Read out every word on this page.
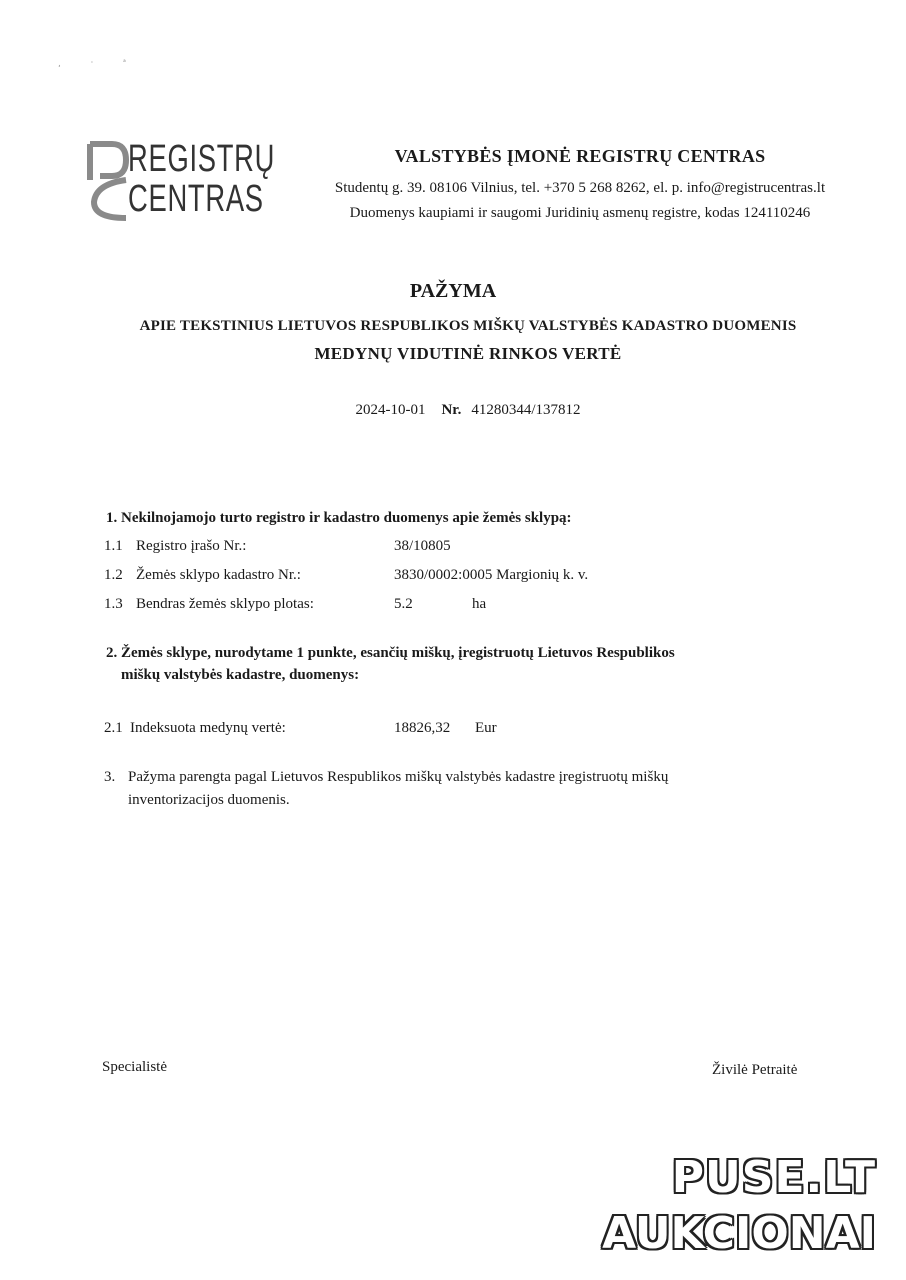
¸ · ª
REGISTRŲ
CENTRAS
VALSTYBĖS ĮMONĖ REGISTRŲ CENTRAS
Studentų g. 39. 08106 Vilnius, tel. +370 5 268 8262, el. p. info@registrucentras.lt
Duomenys kaupiami ir saugomi Juridinių asmenų registre, kodas 124110246
PAŽYMA
APIE TEKSTINIUS LIETUVOS RESPUBLIKOS MIŠKŲ VALSTYBĖS KADASTRO DUOMENIS
MEDYNŲ VIDUTINĖ RINKOS VERTĖ
2024-10-01 Nr. 41280344/137812
1. Nekilnojamojo turto registro ir kadastro duomenys apie žemės sklypą:
1.1 Registro įrašo Nr.:	38/10805
1.2 Žemės sklypo kadastro Nr.:	3830/0002:0005 Margionių k. v.
1.3 Bendras žemės sklypo plotas:	5.2	ha
2. Žemės sklype, nurodytame 1 punkte, esančių miškų, įregistruotų Lietuvos Respublikos
miškų valstybės kadastre, duomenys:
2.1 Indeksuota medynų vertė:	18826,32 Eur
3. Pažyma parengta pagal Lietuvos Respublikos miškų valstybės kadastre įregistruotų miškų
inventorizacijos duomenis.
Specialistė	Živilė Petraitė
PUSE.LT
AUKCIONAI
